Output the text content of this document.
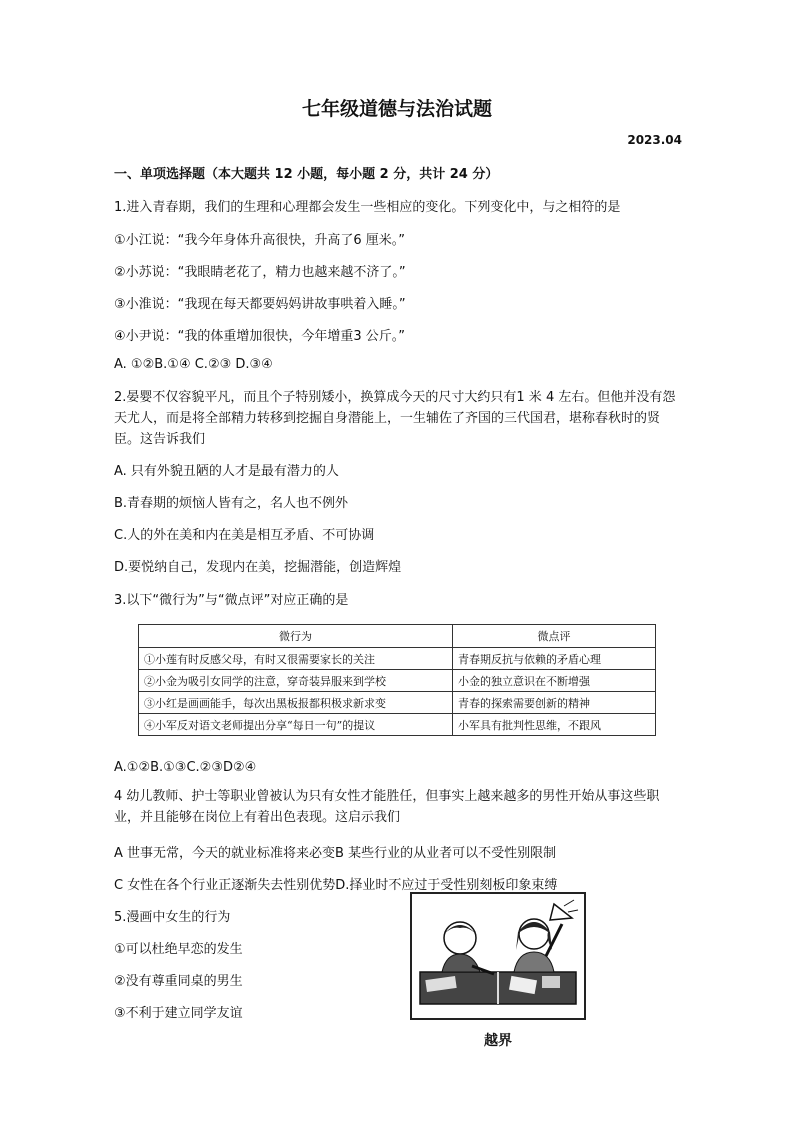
七年级道德与法治试题
2023.04
一、单项选择题（本大题共 12 小题，每小题 2 分，共计 24 分）
1.进入青春期，我们的生理和心理都会发生一些相应的变化。下列变化中，与之相符的是
①小江说：“我今年身体升高很快，升高了6 厘米。”
②小苏说：“我眼睛老花了，精力也越来越不济了。”
③小淮说：“我现在每天都要妈妈讲故事哄着入睡。”
④小尹说：“我的体重增加很快，今年增重3 公斤。”
A. ①②B.①④ C.②③ D.③④
2.晏婴不仅容貌平凡，而且个子特别矮小，换算成今天的尺寸大约只有1 米 4 左右。但他并没有怨天尤人，而是将全部精力转移到挖掘自身潜能上，一生辅佐了齐国的三代国君，堪称春秋时的贤臣。这告诉我们
A. 只有外貌丑陋的人才是最有潜力的人
B.青春期的烦恼人皆有之，名人也不例外
C.人的外在美和内在美是相互矛盾、不可协调
D.要悦纳自己，发现内在美，挖掘潜能，创造辉煌
3.以下“微行为”与“微点评”对应正确的是
微行为	微点评
①小莲有时反感父母，有时又很需要家长的关注	青春期反抗与依赖的矛盾心理
②小金为吸引女同学的注意，穿奇装异服来到学校	小金的独立意识在不断增强
③小红是画画能手，每次出黑板报都积极求新求变	青春的探索需要创新的精神
④小军反对语文老师提出分享“每日一句”的提议	小军具有批判性思维，不跟风
A.①②B.①③C.②③D②④
4 幼儿教师、护士等职业曾被认为只有女性才能胜任，但事实上越来越多的男性开始从事这些职业，并且能够在岗位上有着出色表现。这启示我们
A 世事无常，今天的就业标准将来必变B 某些行业的从业者可以不受性别限制
C 女性在各个行业正逐渐失去性别优势D.择业时不应过于受性别刻板印象束缚
5.漫画中女生的行为
①可以杜绝早恋的发生
②没有尊重同桌的男生
③不利于建立同学友谊
越界
